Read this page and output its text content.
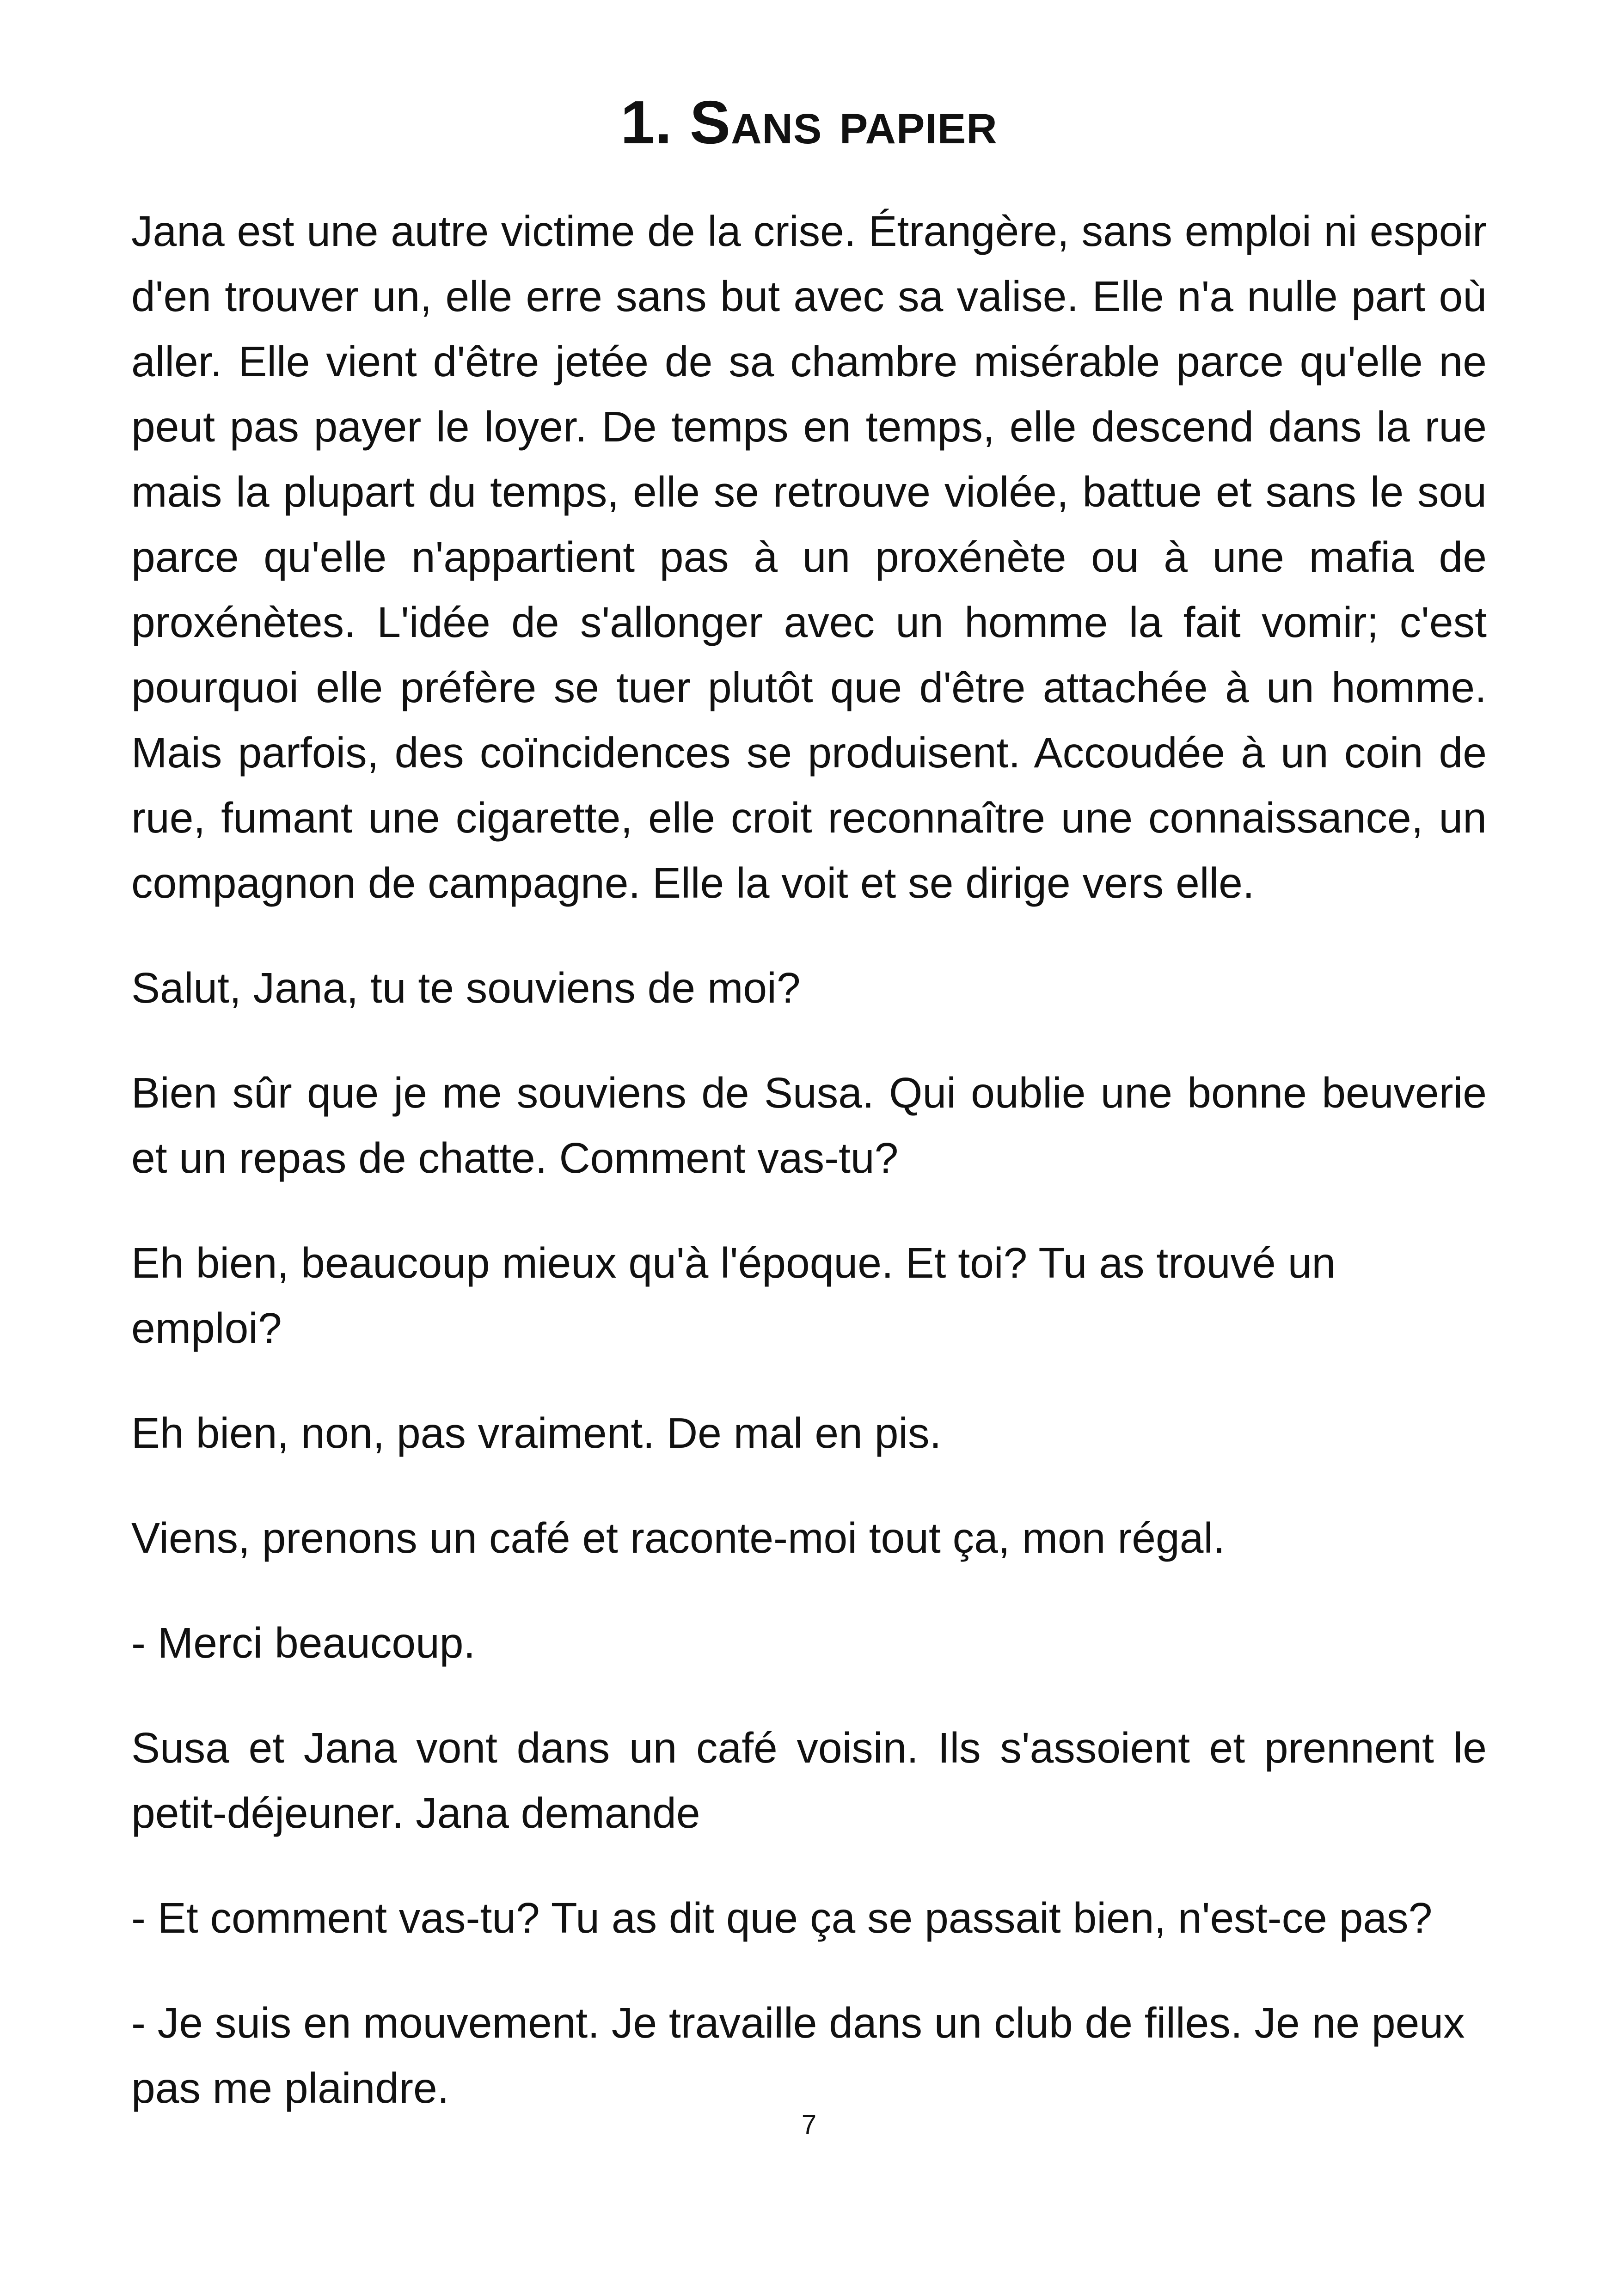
1. Sans papier

Jana est une autre victime de la crise. Étrangère, sans emploi ni espoir d'en trouver un, elle erre sans but avec sa valise. Elle n'a nulle part où aller. Elle vient d'être jetée de sa chambre misérable parce qu'elle ne peut pas payer le loyer. De temps en temps, elle descend dans la rue mais la plupart du temps, elle se retrouve violée, battue et sans le sou parce qu'elle n'appartient pas à un proxénète ou à une mafia de proxénètes. L'idée de s'allonger avec un homme la fait vomir; c'est pourquoi elle préfère se tuer plutôt que d'être attachée à un homme. Mais parfois, des coïncidences se produisent. Accoudée à un coin de rue, fumant une cigarette, elle croit reconnaître une connaissance, un compagnon de campagne. Elle la voit et se dirige vers elle.

Salut, Jana, tu te souviens de moi?

Bien sûr que je me souviens de Susa. Qui oublie une bonne beuverie et un repas de chatte. Comment vas-tu?

Eh bien, beaucoup mieux qu'à l'époque. Et toi? Tu as trouvé un emploi?

Eh bien, non, pas vraiment. De mal en pis.

Viens, prenons un café et raconte-moi tout ça, mon régal.

- Merci beaucoup.

Susa et Jana vont dans un café voisin. Ils s'assoient et prennent le petit-déjeuner. Jana demande

- Et comment vas-tu? Tu as dit que ça se passait bien, n'est-ce pas?

- Je suis en mouvement. Je travaille dans un club de filles. Je ne peux pas me plaindre.

7
